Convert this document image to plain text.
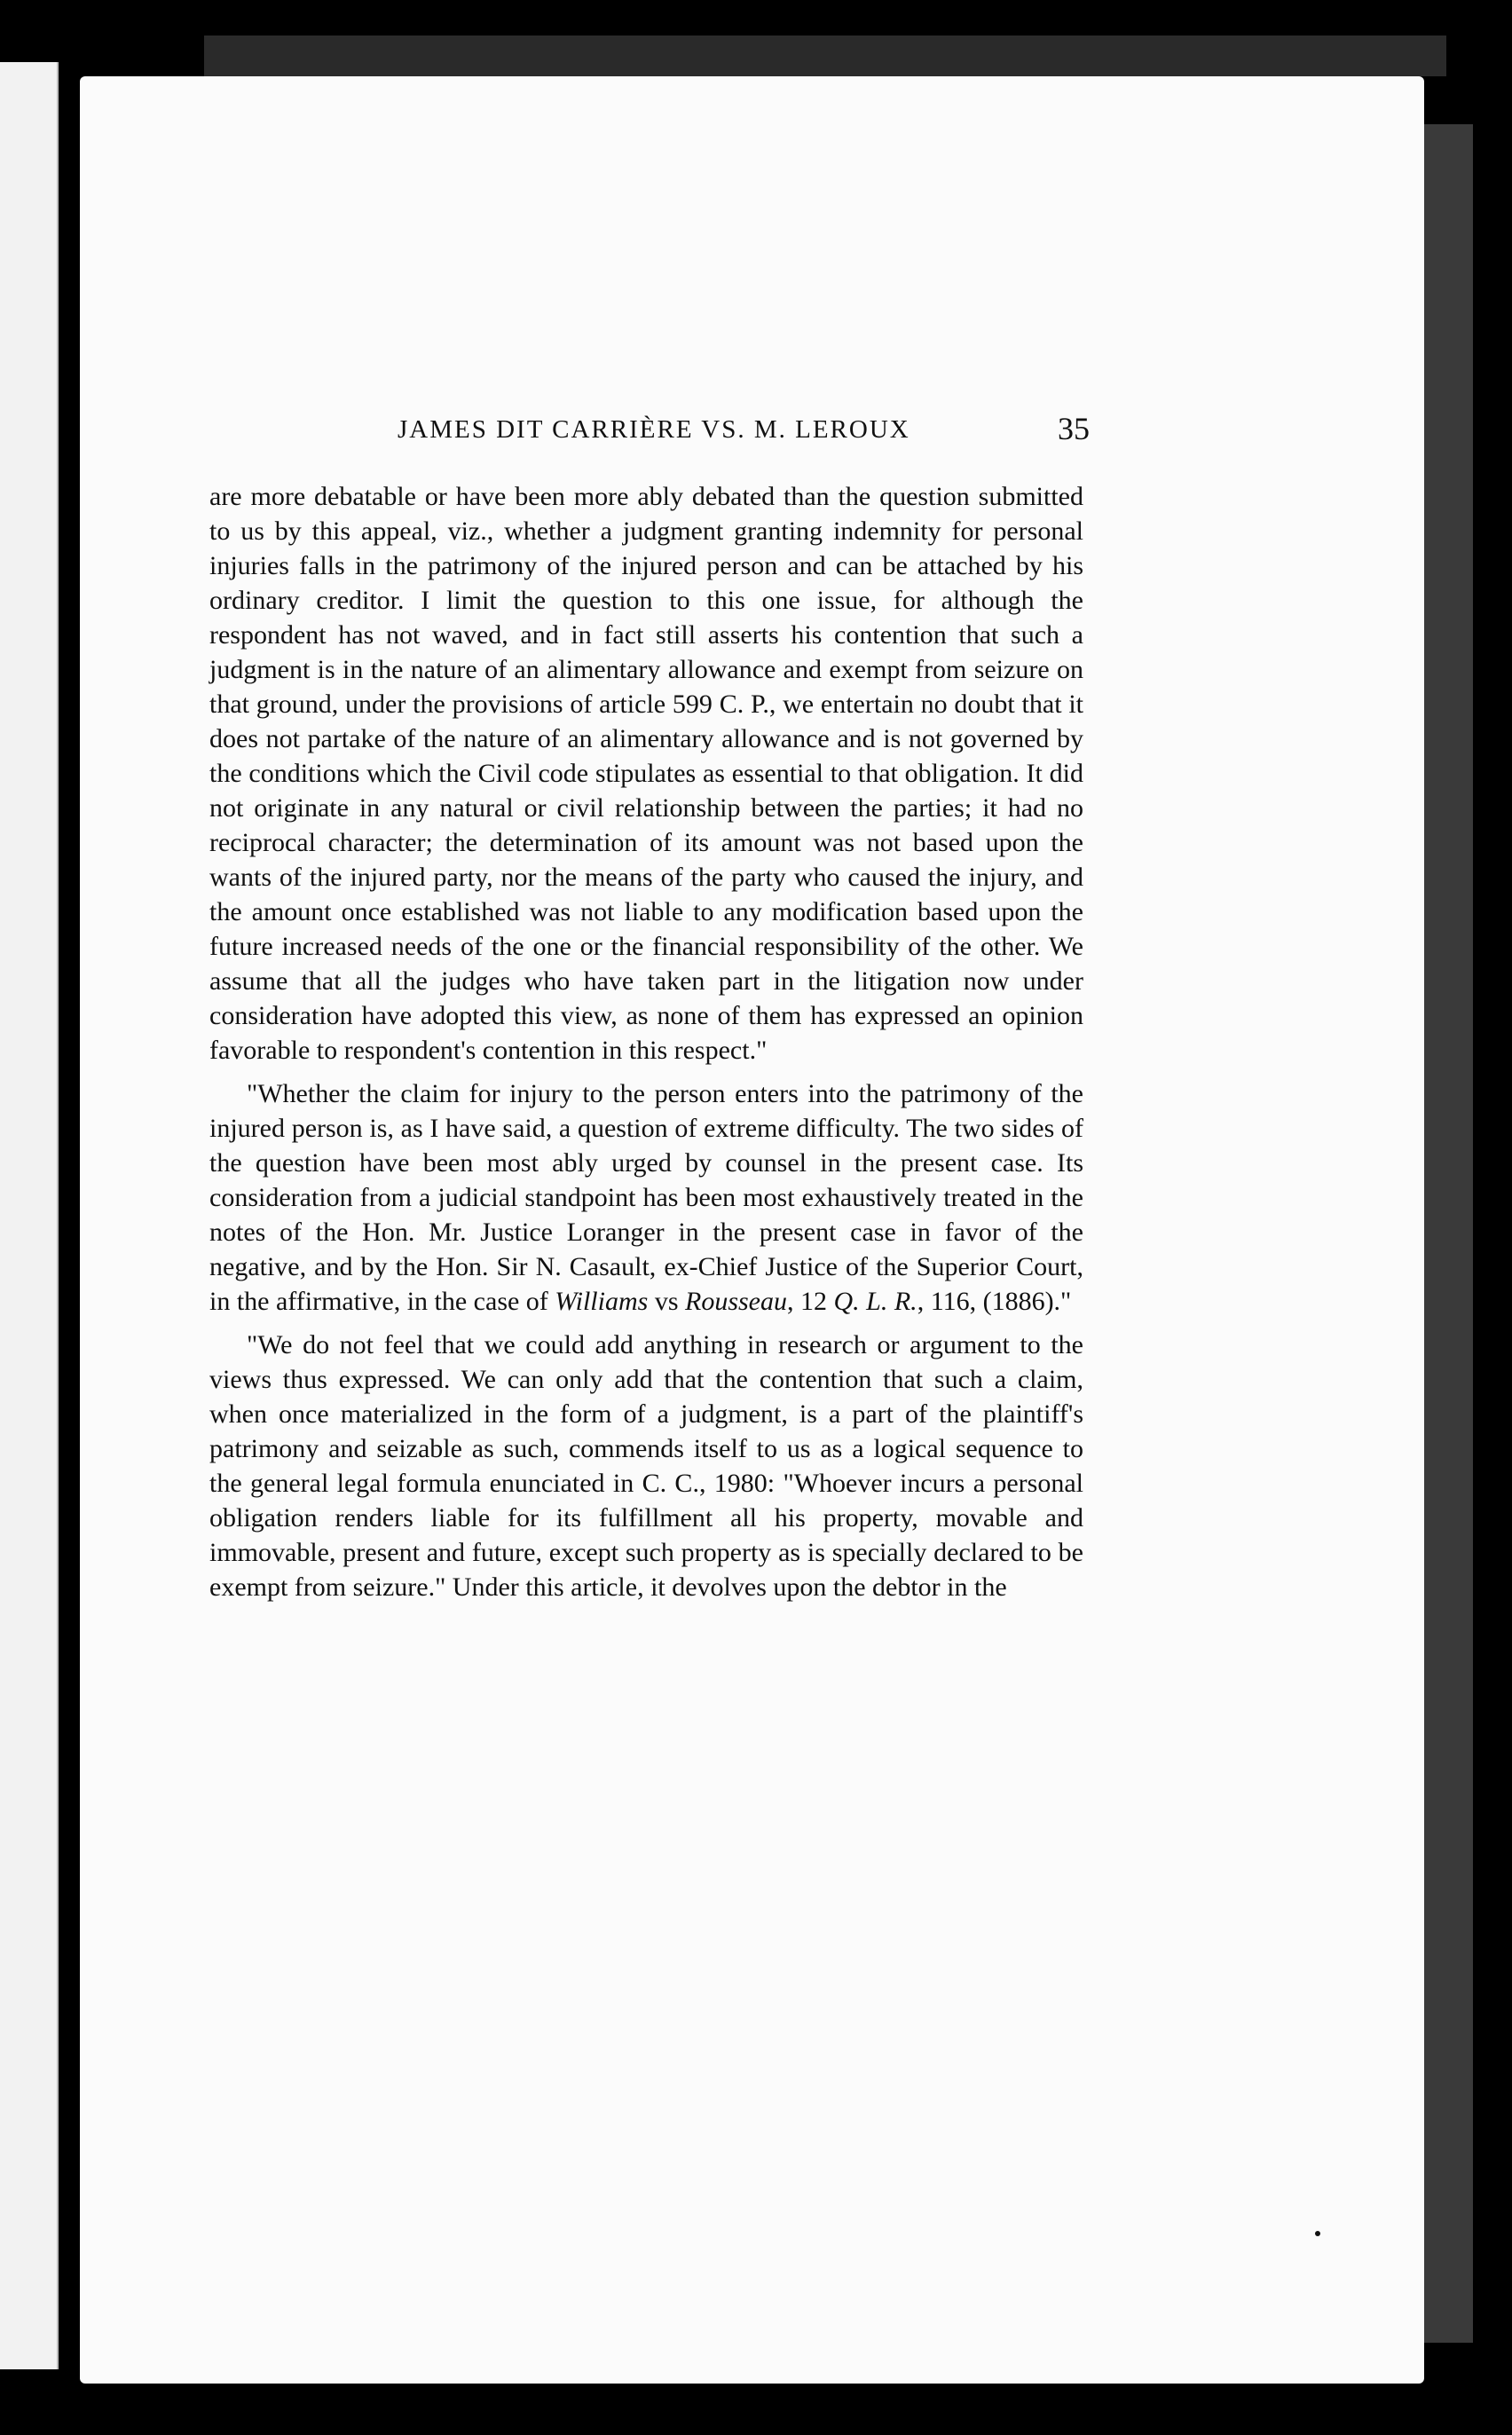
JAMES DIT CARRIÈRE VS. M. LEROUX	35

are more debatable or have been more ably debated than the question submitted to us by this appeal, viz., whether a judgment granting indemnity for personal injuries falls in the patrimony of the injured person and can be attached by his ordinary creditor. I limit the question to this one issue, for although the respondent has not waved, and in fact still asserts his contention that such a judgment is in the nature of an alimentary allowance and exempt from seizure on that ground, under the provisions of article 599 C. P., we entertain no doubt that it does not partake of the nature of an alimentary allowance and is not governed by the conditions which the Civil code stipulates as essential to that obligation. It did not originate in any natural or civil relationship between the parties; it had no reciprocal character; the determination of its amount was not based upon the wants of the injured party, nor the means of the party who caused the injury, and the amount once established was not liable to any modification based upon the future increased needs of the one or the financial responsibility of the other. We assume that all the judges who have taken part in the litigation now under consideration have adopted this view, as none of them has expressed an opinion favorable to respondent's contention in this respect."

"Whether the claim for injury to the person enters into the patrimony of the injured person is, as I have said, a question of extreme difficulty. The two sides of the question have been most ably urged by counsel in the present case. Its consideration from a judicial standpoint has been most exhaustively treated in the notes of the Hon. Mr. Justice Loranger in the present case in favor of the negative, and by the Hon. Sir N. Casault, ex-Chief Justice of the Superior Court, in the affirmative, in the case of Williams vs Rousseau, 12 Q. L. R., 116, (1886)."

"We do not feel that we could add anything in research or argument to the views thus expressed. We can only add that the contention that such a claim, when once materialized in the form of a judgment, is a part of the plaintiff's patrimony and seizable as such, commends itself to us as a logical sequence to the general legal formula enunciated in C. C., 1980: "Whoever incurs a personal obligation renders liable for its fulfillment all his property, movable and immovable, present and future, except such property as is specially declared to be exempt from seizure." Under this article, it devolves upon the debtor in the
